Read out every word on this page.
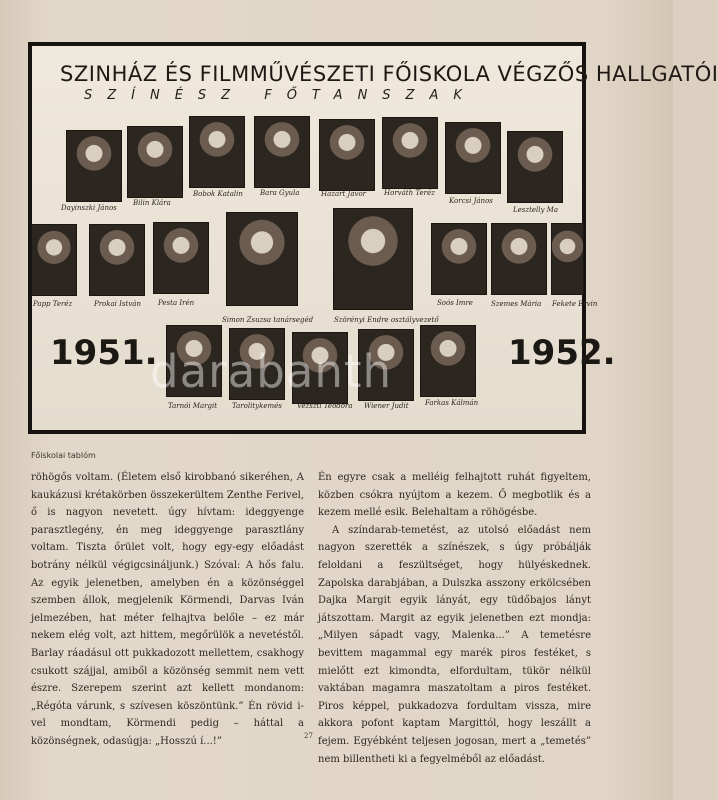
SZINHÁZ ÉS FILMMŰVÉSZETI FŐISKOLA VÉGZŐS HALLGATÓI
SZÍNÉSZ FŐTANSZAK
Dayinszki János
Bilin Klára
Bobok Katalin Bara Gyula	Hazart Jávor	Horváth Teréz
Korcsi János
Lesztelly Ma
Papp Teréz	Prokai István Pesta Irén
Simon Zsuzsa tanársegéd	Szörényi Endre osztályvezető
Soós Imre	Szemes Mária Fekete Ervin
1951.	1952.
Tarnói Margit Tarolitykemés Vézsztl Teodora Wiener Judit Farkas Kálmán
darabanth
Főiskolai tablóm

röhögős voltam. (Életem első kirobbanó sikeréhen, A kaukázusi krétakörben összekerültem Zenthe Ferivel, ő is nagyon nevetett. úgy hívtam: ideggyenge parasztlegény, én meg ideggyenge parasztlány voltam. Tiszta őrület volt, hogy egy-egy előadást botrány nélkül végigcsináljunk.) Szóval: A hős falu. Az egyik jelenetben, amelyben én a közönséggel szemben állok, megjelenik Körmendi, Darvas Iván jelmezében, hat méter felhajtva belőle – ez már nekem elég volt, azt hittem, megőrülök a nevetéstől. Barlay ráadásul ott pukkadozott mellettem, csakhogy csukott szájjal, amiből a közönség semmit nem vett észre. Szerepem szerint azt kellett mondanom: „Régóta várunk, s szívesen köszöntünk.” Én rövid i-vel mondtam, Körmendi pedig – háttal a közönségnek, odasúgja: „Hosszú í...!”

Én egyre csak a melléig felhajtott ruhát figyeltem, közben csókra nyújtom a kezem. Ő megbotlik és a kezem mellé esik. Belehaltam a röhögésbe.

A színdarab-temetést, az utolsó előadást nem nagyon szerették a színészek, s úgy próbálják feloldani a feszültséget, hogy hülyéskednek. Zapolska darabjában, a Dulszka asszony erkölcsében Dajka Margit egyik lányát, egy tüdőbajos lányt játszottam. Margit az egyik jelenetben ezt mondja: „Milyen sápadt vagy, Malenka...” A temetésre bevittem magammal egy marék piros festéket, s mielőtt ezt kimondta, elfordultam, tükör nélkül vaktában magamra maszatoltam a piros festéket. Piros képpel, pukkadozva fordultam vissza, mire akkora pofont kaptam Margittól, hogy leszállt a fejem. Egyébként teljesen jogosan, mert a „temetés” nem billentheti ki a fegyelméből az előadást.

27
